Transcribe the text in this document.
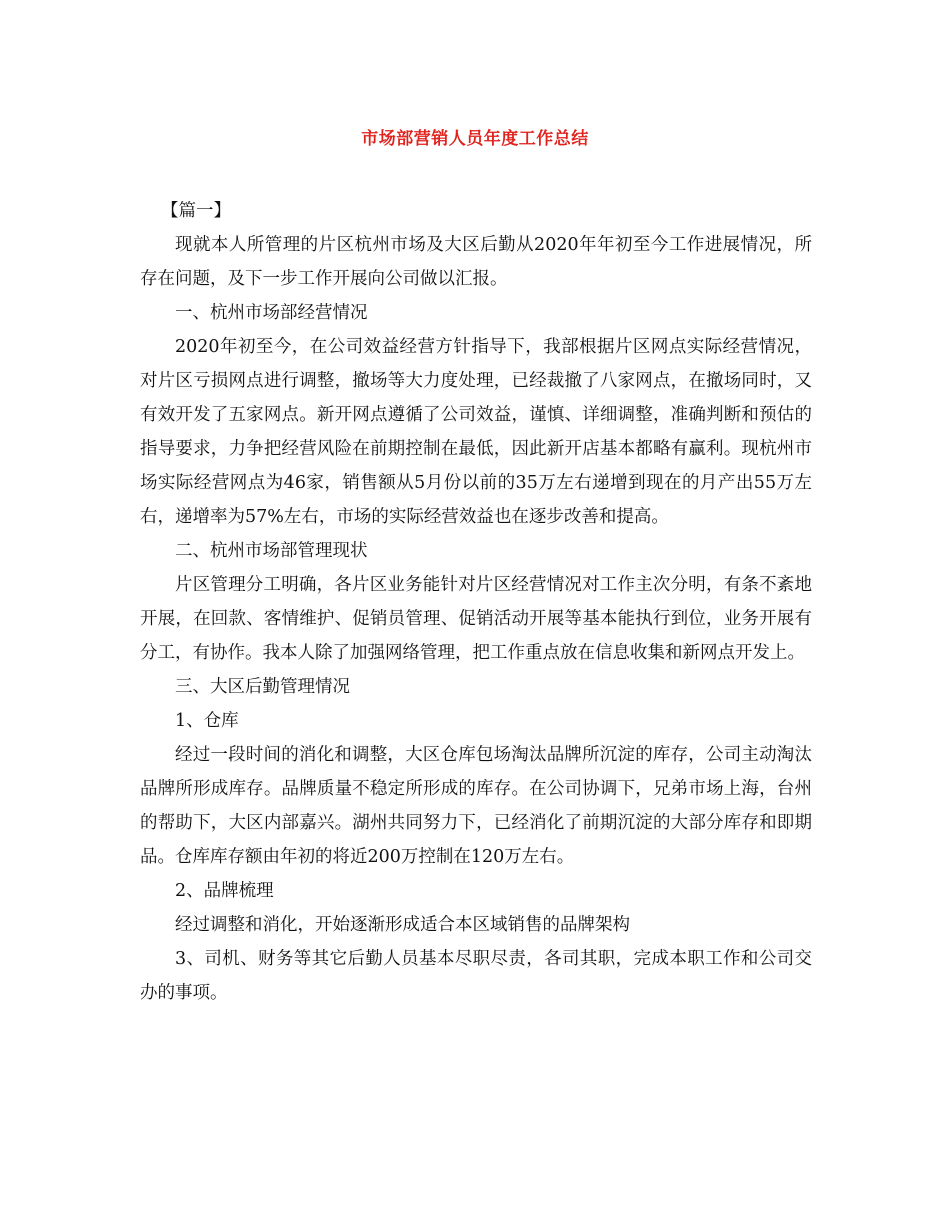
市场部营销人员年度工作总结

【篇一】

现就本人所管理的片区杭州市场及大区后勤从2020年年初至今工作进展情况，所存在问题，及下一步工作开展向公司做以汇报。

一、杭州市场部经营情况

2020年初至今，在公司效益经营方针指导下，我部根据片区网点实际经营情况，对片区亏损网点进行调整，撤场等大力度处理，已经裁撤了八家网点，在撤场同时，又有效开发了五家网点。新开网点遵循了公司效益，谨慎、详细调整，准确判断和预估的指导要求，力争把经营风险在前期控制在最低，因此新开店基本都略有赢利。现杭州市场实际经营网点为46家，销售额从5月份以前的35万左右递增到现在的月产出55万左右，递增率为57%左右，市场的实际经营效益也在逐步改善和提高。

二、杭州市场部管理现状

片区管理分工明确，各片区业务能针对片区经营情况对工作主次分明，有条不紊地开展，在回款、客情维护、促销员管理、促销活动开展等基本能执行到位，业务开展有分工，有协作。我本人除了加强网络管理，把工作重点放在信息收集和新网点开发上。

三、大区后勤管理情况

1、仓库

经过一段时间的消化和调整，大区仓库包场淘汰品牌所沉淀的库存，公司主动淘汰品牌所形成库存。品牌质量不稳定所形成的库存。在公司协调下，兄弟市场上海，台州的帮助下，大区内部嘉兴。湖州共同努力下，已经消化了前期沉淀的大部分库存和即期品。仓库库存额由年初的将近200万控制在120万左右。

2、品牌梳理

经过调整和消化，开始逐渐形成适合本区域销售的品牌架构

3、司机、财务等其它后勤人员基本尽职尽责，各司其职，完成本职工作和公司交办的事项。
